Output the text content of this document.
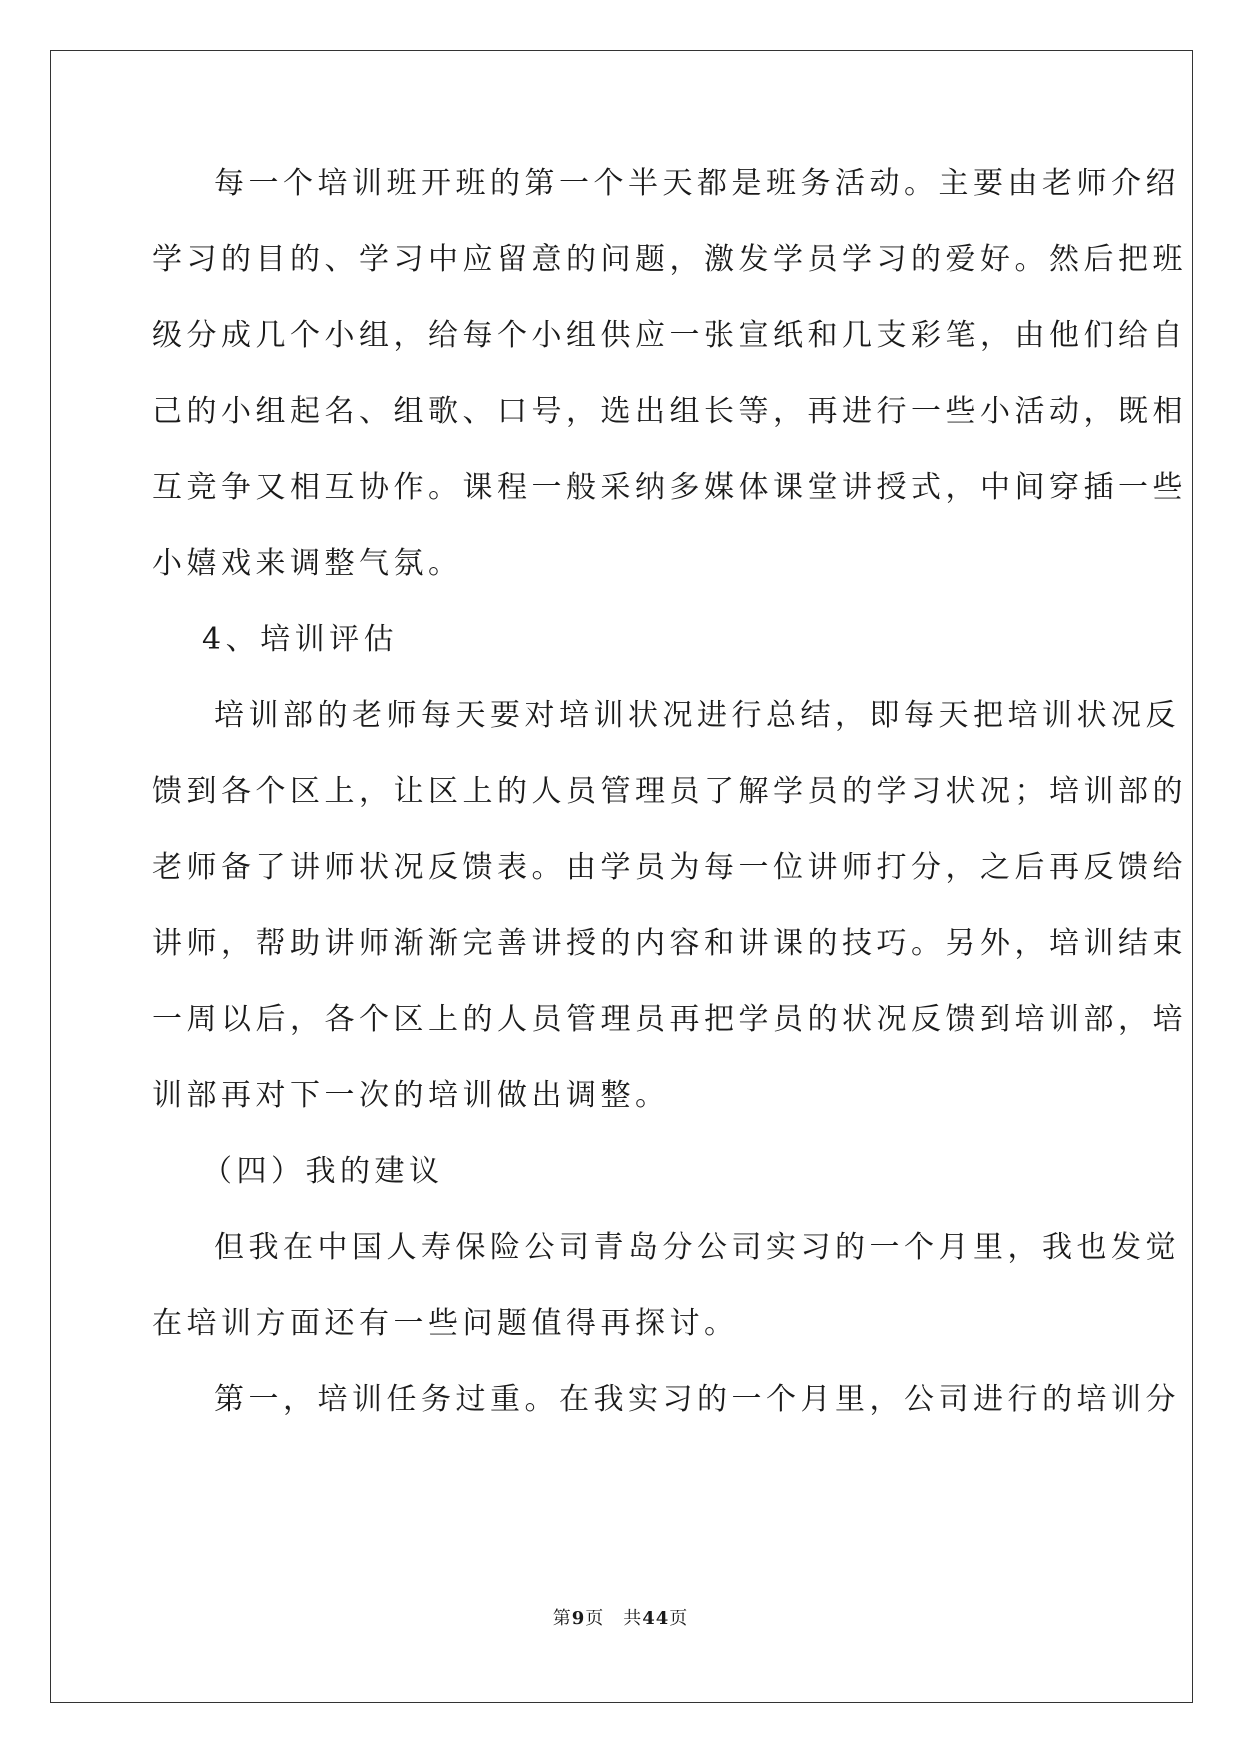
每一个培训班开班的第一个半天都是班务活动。主要由老师介绍
学习的目的、学习中应留意的问题，激发学员学习的爱好。然后把班
级分成几个小组，给每个小组供应一张宣纸和几支彩笔，由他们给自
己的小组起名、组歌、口号，选出组长等，再进行一些小活动，既相
互竞争又相互协作。课程一般采纳多媒体课堂讲授式，中间穿插一些
小嬉戏来调整气氛。
4、培训评估
培训部的老师每天要对培训状况进行总结，即每天把培训状况反
馈到各个区上，让区上的人员管理员了解学员的学习状况；培训部的
老师备了讲师状况反馈表。由学员为每一位讲师打分，之后再反馈给
讲师，帮助讲师渐渐完善讲授的内容和讲课的技巧。另外，培训结束
一周以后，各个区上的人员管理员再把学员的状况反馈到培训部，培
训部再对下一次的培训做出调整。
（四）我的建议
但我在中国人寿保险公司青岛分公司实习的一个月里，我也发觉
在培训方面还有一些问题值得再探讨。
第一，培训任务过重。在我实习的一个月里，公司进行的培训分
第9页　共44页
